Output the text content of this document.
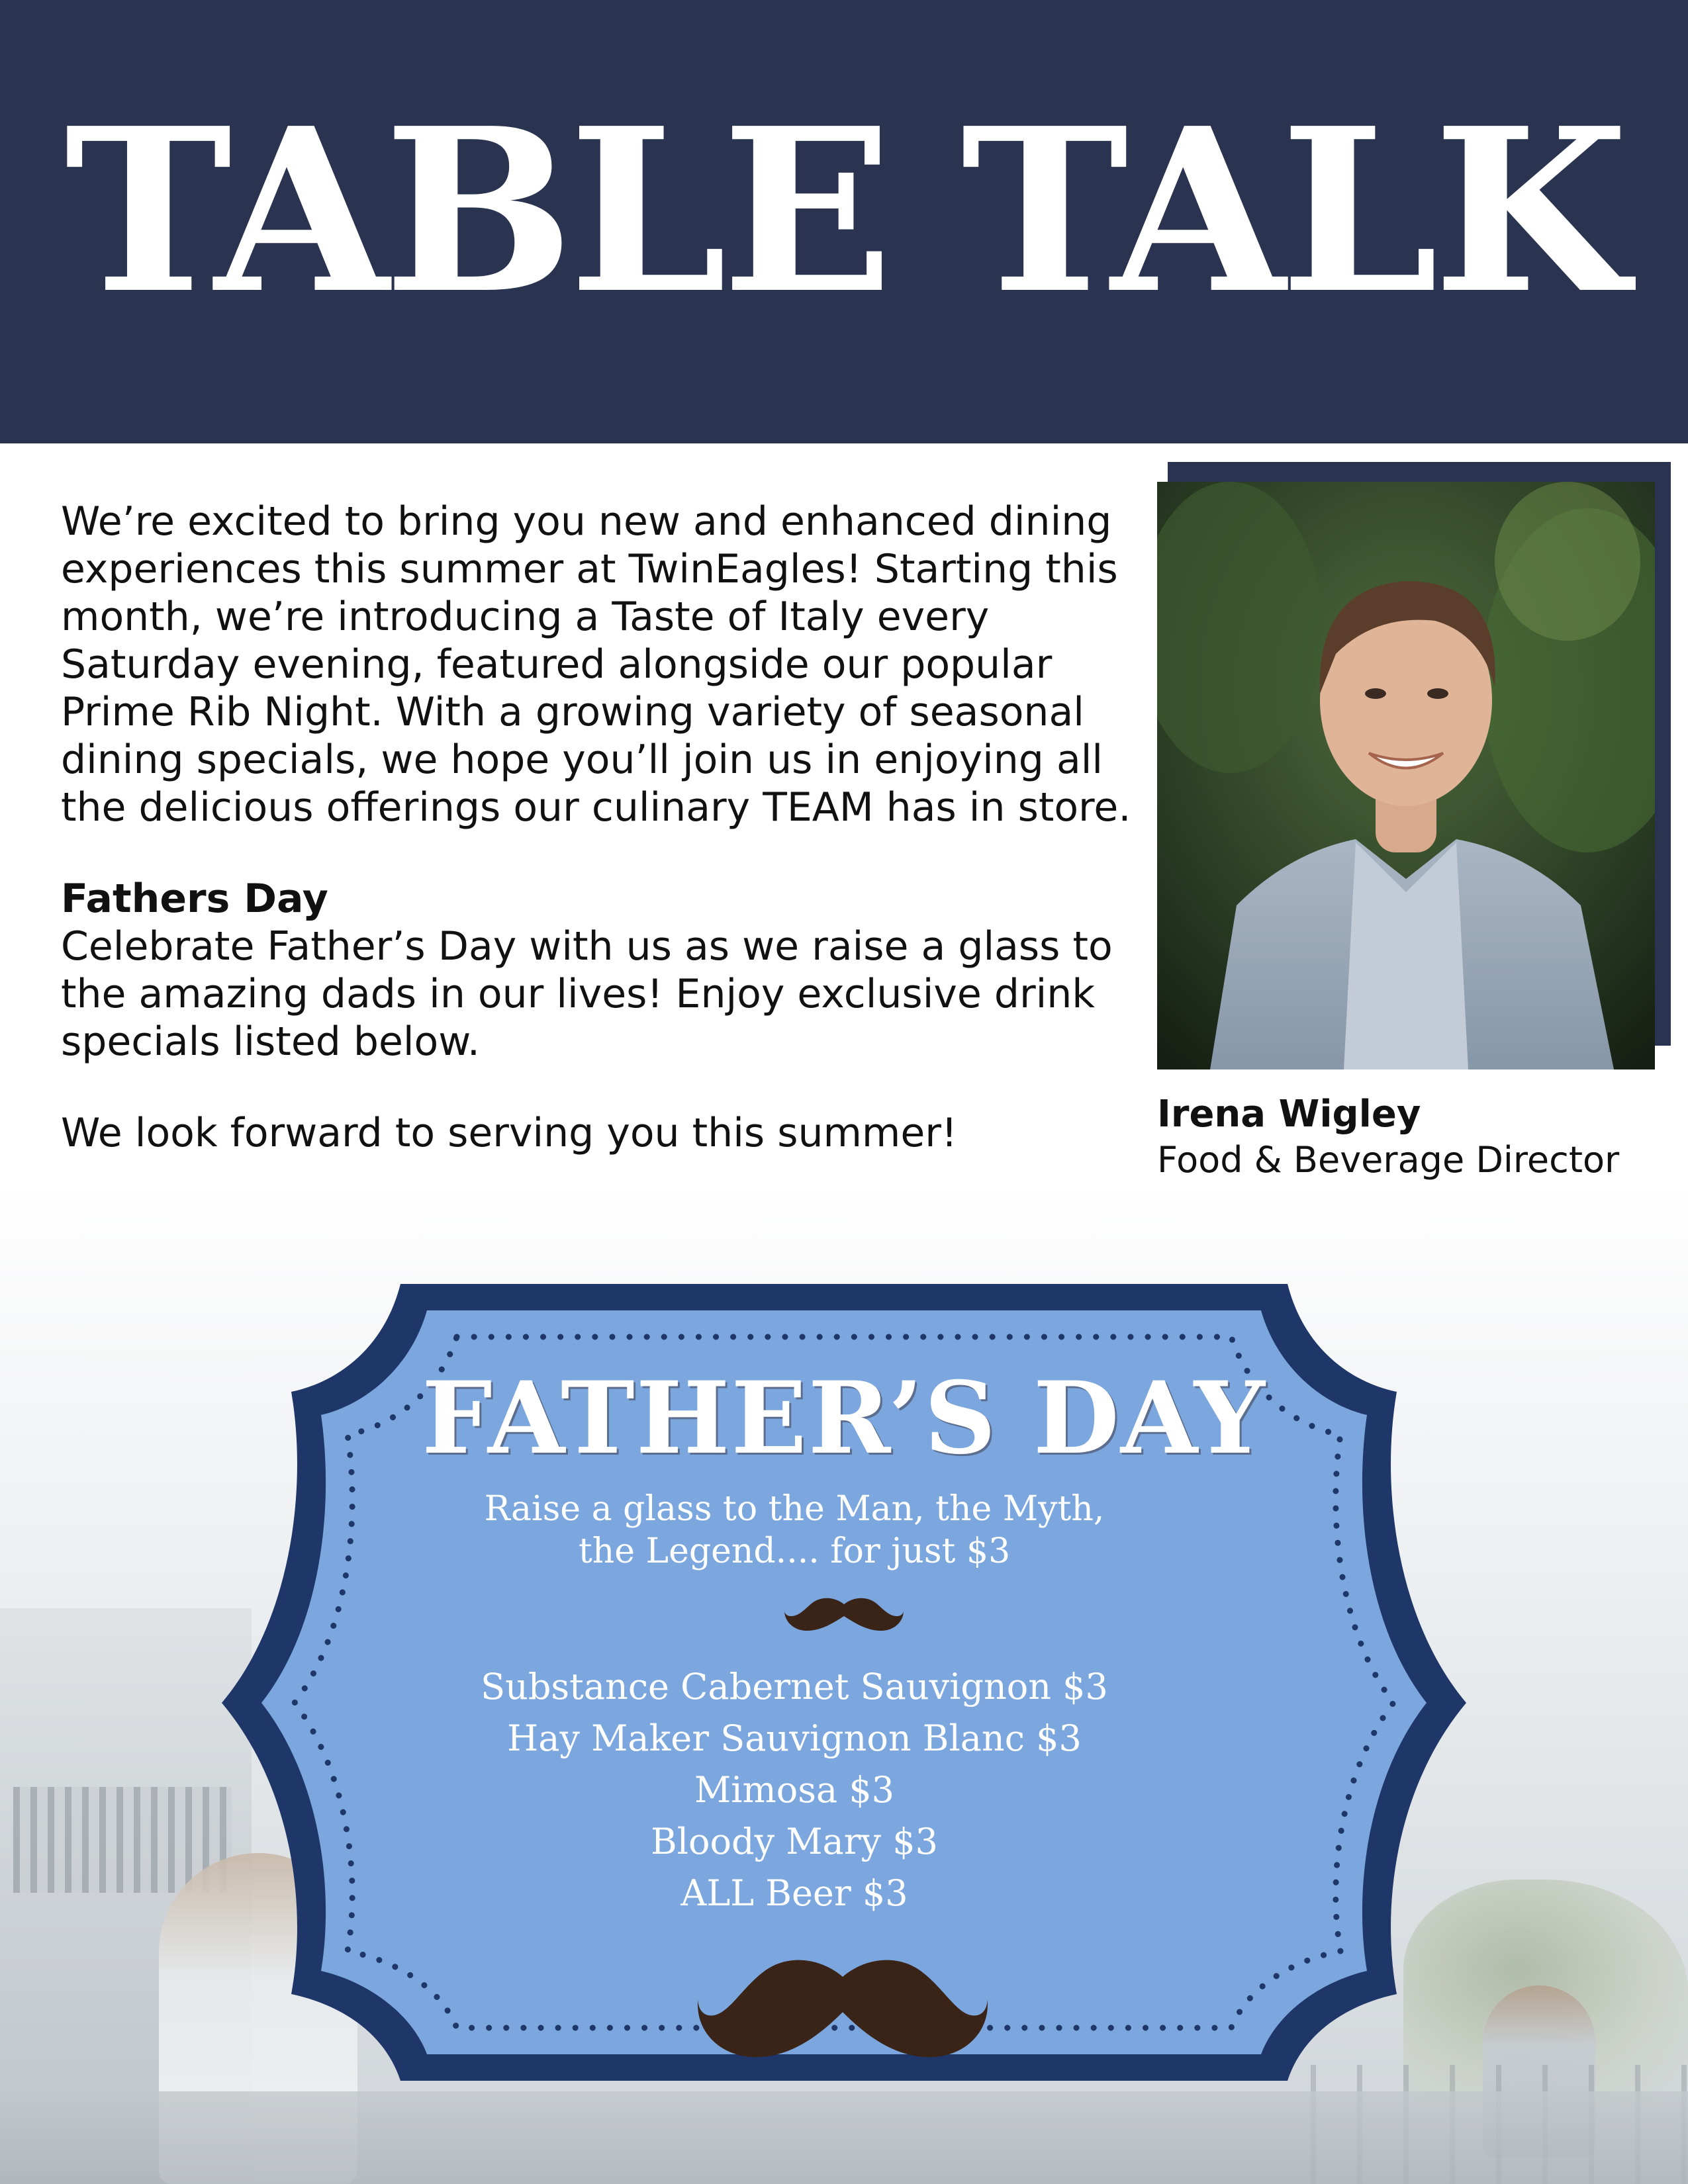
TABLE TALK

We’re excited to bring you new and enhanced dining experiences this summer at TwinEagles! Starting this month, we’re introducing a Taste of Italy every Saturday evening, featured alongside our popular Prime Rib Night. With a growing variety of seasonal dining specials, we hope you’ll join us in enjoying all the delicious offerings our culinary TEAM has in store.

Fathers Day

Celebrate Father’s Day with us as we raise a glass to the amazing dads in our lives! Enjoy exclusive drink specials listed below.

We look forward to serving you this summer!	Irena Wigley

Food & Beverage Director

FATHER’S DAY

Raise a glass to the Man, the Myth, the Legend.... for just $3

Substance Cabernet Sauvignon $3
Hay Maker Sauvignon Blanc $3
Mimosa $3
Bloody Mary $3
ALL Beer $3
